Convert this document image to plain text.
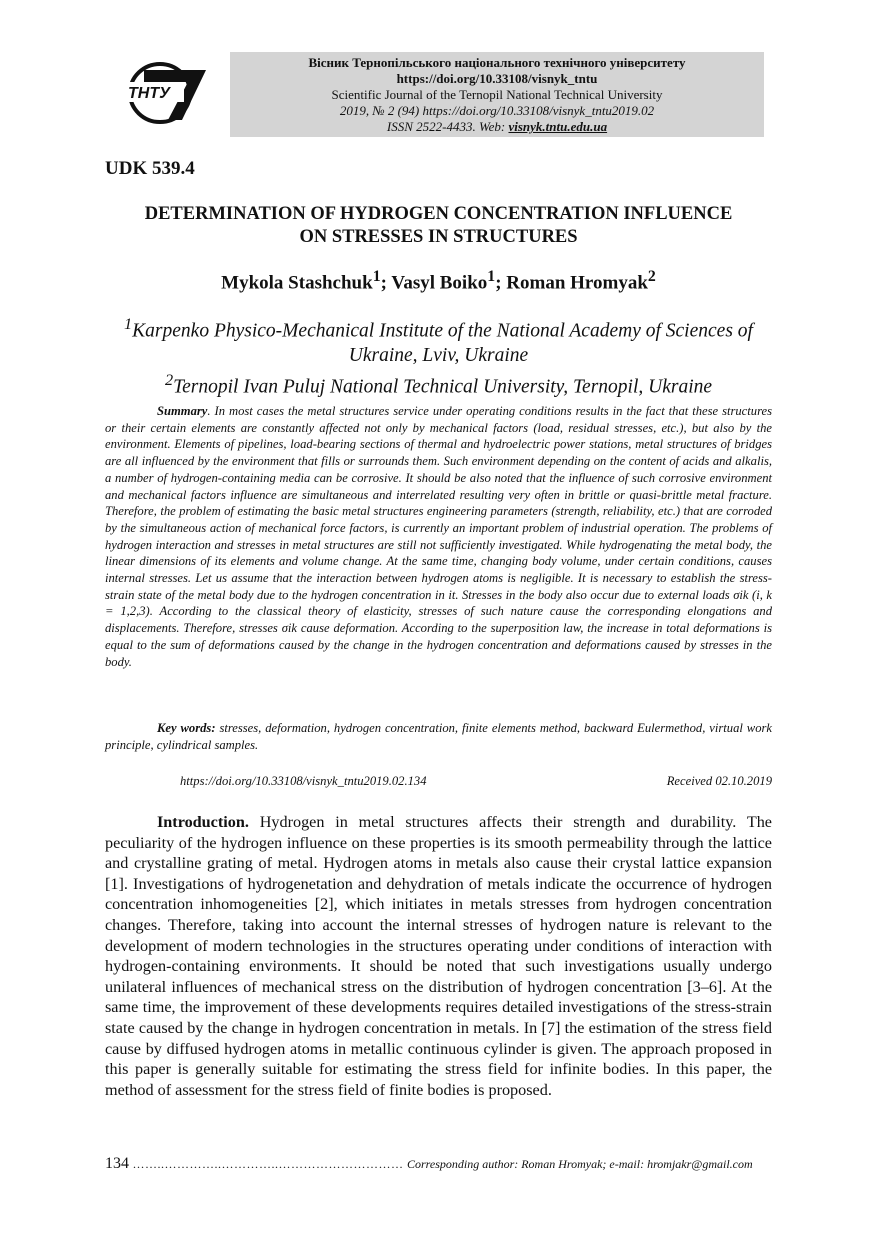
ТНТУ
Вісник Тернопільського національного технічного університету
https://doi.org/10.33108/visnyk_tntu
Scientific Journal of the Ternopil National Technical University
2019, № 2 (94) https://doi.org/10.33108/visnyk_tntu2019.02
ISSN 2522-4433. Web: visnyk.tntu.edu.ua
UDK 539.4
DETERMINATION OF HYDROGEN CONCENTRATION INFLUENCE
ON STRESSES IN STRUCTURES
Mykola Stashchuk$^1$; Vasyl Boiko$^1$; Roman Hromyak$^2$
$^1$Karpenko Physico-Mechanical Institute of the National Academy of Sciences of Ukraine, Lviv, Ukraine
$^2$Ternopil Ivan Puluj National Technical University, Ternopil, Ukraine

Summary. In most cases the metal structures service under operating conditions results in the fact that these structures or their certain elements are constantly affected not only by mechanical factors (load, residual stresses, etc.), but also by the environment. Elements of pipelines, load-bearing sections of thermal and hydroelectric power stations, metal structures of bridges are all influenced by the environment that fills or surrounds them. Such environment depending on the content of acids and alkalis, a number of hydrogen-containing media can be corrosive. It should be also noted that the influence of such corrosive environment and mechanical factors influence are simultaneous and interrelated resulting very often in brittle or quasi-brittle metal fracture. Therefore, the problem of estimating the basic metal structures engineering parameters (strength, reliability, etc.) that are corroded by the simultaneous action of mechanical force factors, is currently an important problem of industrial operation. The problems of hydrogen interaction and stresses in metal structures are still not sufficiently investigated. While hydrogenating the metal body, the linear dimensions of its elements and volume change. At the same time, changing body volume, under certain conditions, causes internal stresses. Let us assume that the interaction between hydrogen atoms is negligible. It is necessary to establish the stress-strain state of the metal body due to the hydrogen concentration in it. Stresses in the body also occur due to external loads σik (i, k = 1,2,3). According to the classical theory of elasticity, stresses of such nature cause the corresponding elongations and displacements. Therefore, stresses σik cause deformation. According to the superposition law, the increase in total deformations is equal to the sum of deformations caused by the change in the hydrogen concentration and deformations caused by stresses in the body.

Key words: stresses, deformation, hydrogen concentration, finite elements method, backward Eulermethod, virtual work principle, cylindrical samples.

https://doi.org/10.33108/visnyk_tntu2019.02.134	Received 02.10.2019

Introduction. Hydrogen in metal structures affects their strength and durability. The peculiarity of the hydrogen influence on these properties is its smooth permeability through the lattice and crystalline grating of metal. Hydrogen atoms in metals also cause their crystal lattice expansion [1]. Investigations of hydrogenetation and dehydration of metals indicate the occurrence of hydrogen concentration inhomogeneities [2], which initiates in metals stresses from hydrogen concentration changes. Therefore, taking into account the internal stresses of hydrogen nature is relevant to the development of modern technologies in the structures operating under conditions of interaction with hydrogen-containing environments. It should be noted that such investigations usually undergo unilateral influences of mechanical stress on the distribution of hydrogen concentration [3–6]. At the same time, the improvement of these developments requires detailed investigations of the stress-strain state caused by the change in hydrogen concentration in metals. In [7] the estimation of the stress field cause by diffused hydrogen atoms in metallic continuous cylinder is given. The approach proposed in this paper is generally suitable for estimating the stress field for infinite bodies. In this paper, the method of assessment for the stress field of finite bodies is proposed.

134 ……..…………..…………..………………………… Corresponding author: Roman Hromyak; e-mail: hromjakr@gmail.com
